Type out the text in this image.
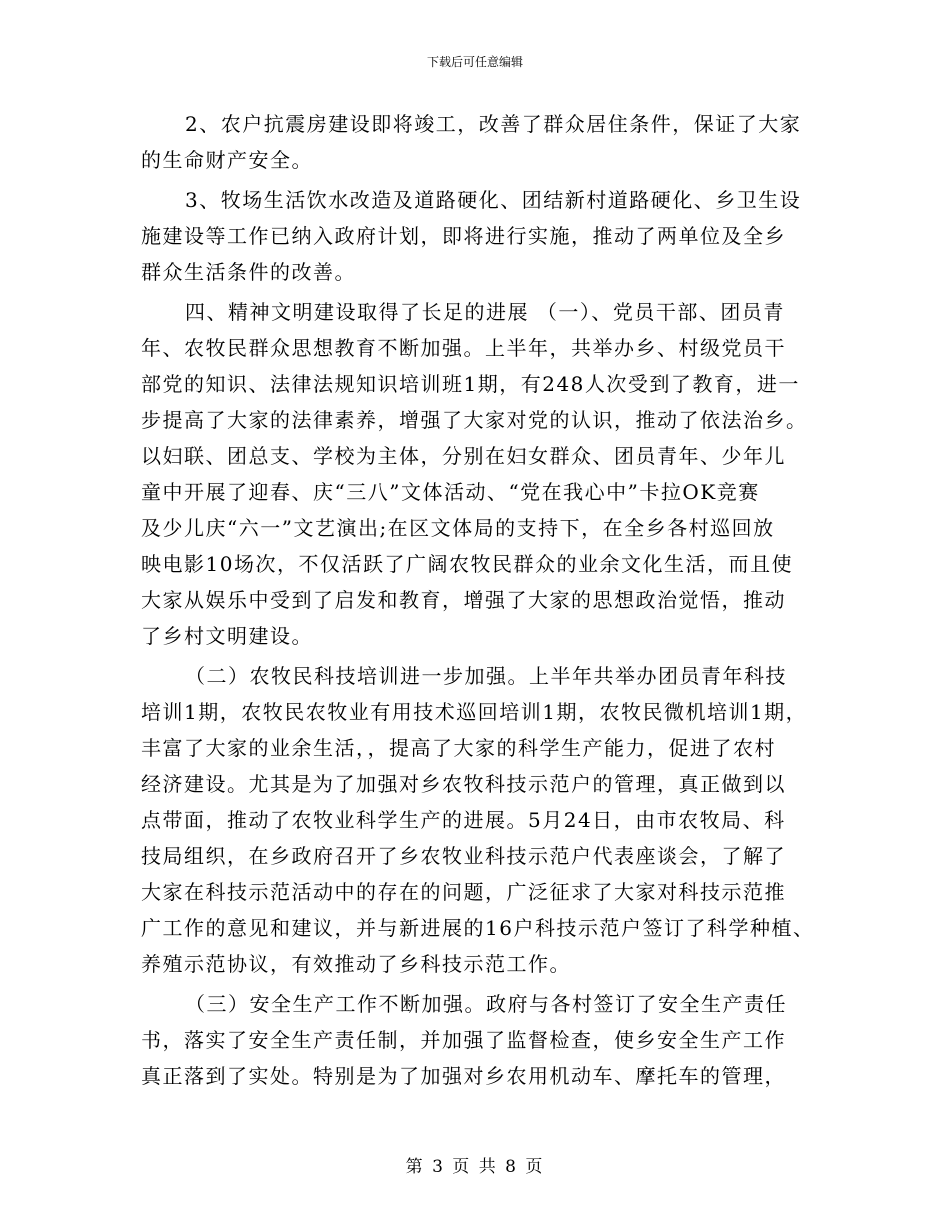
下载后可任意编辑
2、农户抗震房建设即将竣工，改善了群众居住条件，保证了大家
的生命财产安全。
3、牧场生活饮水改造及道路硬化、团结新村道路硬化、乡卫生设
施建设等工作已纳入政府计划，即将进行实施，推动了两单位及全乡
群众生活条件的改善。
四、精神文明建设取得了长足的进展 （一）、党员干部、团员青
年、农牧民群众思想教育不断加强。上半年，共举办乡、村级党员干
部党的知识、法律法规知识培训班1期，有248人次受到了教育，进一
步提高了大家的法律素养，增强了大家对党的认识，推动了依法治乡。
以妇联、团总支、学校为主体，分别在妇女群众、团员青年、少年儿
童中开展了迎春、庆“三八”文体活动、“党在我心中”卡拉OK竞赛
及少儿庆“六一”文艺演出;在区文体局的支持下，在全乡各村巡回放
映电影10场次，不仅活跃了广阔农牧民群众的业余文化生活，而且使
大家从娱乐中受到了启发和教育，增强了大家的思想政治觉悟，推动
了乡村文明建设。
（二）农牧民科技培训进一步加强。上半年共举办团员青年科技
培训1期，农牧民农牧业有用技术巡回培训1期，农牧民微机培训1期，
丰富了大家的业余生活，，提高了大家的科学生产能力，促进了农村
经济建设。尤其是为了加强对乡农牧科技示范户的管理，真正做到以
点带面，推动了农牧业科学生产的进展。5月24日，由市农牧局、科
技局组织，在乡政府召开了乡农牧业科技示范户代表座谈会，了解了
大家在科技示范活动中的存在的问题，广泛征求了大家对科技示范推
广工作的意见和建议，并与新进展的16户科技示范户签订了科学种植、
养殖示范协议，有效推动了乡科技示范工作。
（三）安全生产工作不断加强。政府与各村签订了安全生产责任
书，落实了安全生产责任制，并加强了监督检查，使乡安全生产工作
真正落到了实处。特别是为了加强对乡农用机动车、摩托车的管理，
第 3 页 共 8 页
